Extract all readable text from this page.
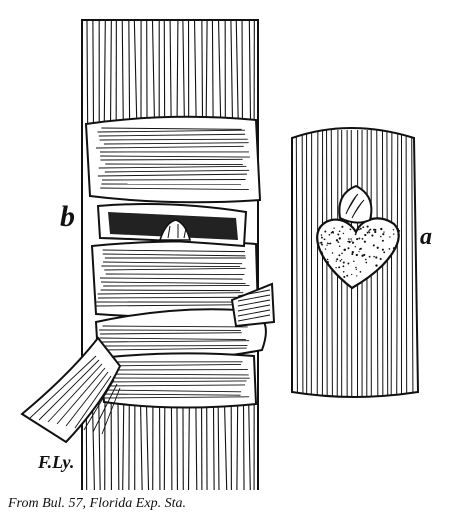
b
a
F.Ly.
From Bul. 57, Florida Exp. Sta.
